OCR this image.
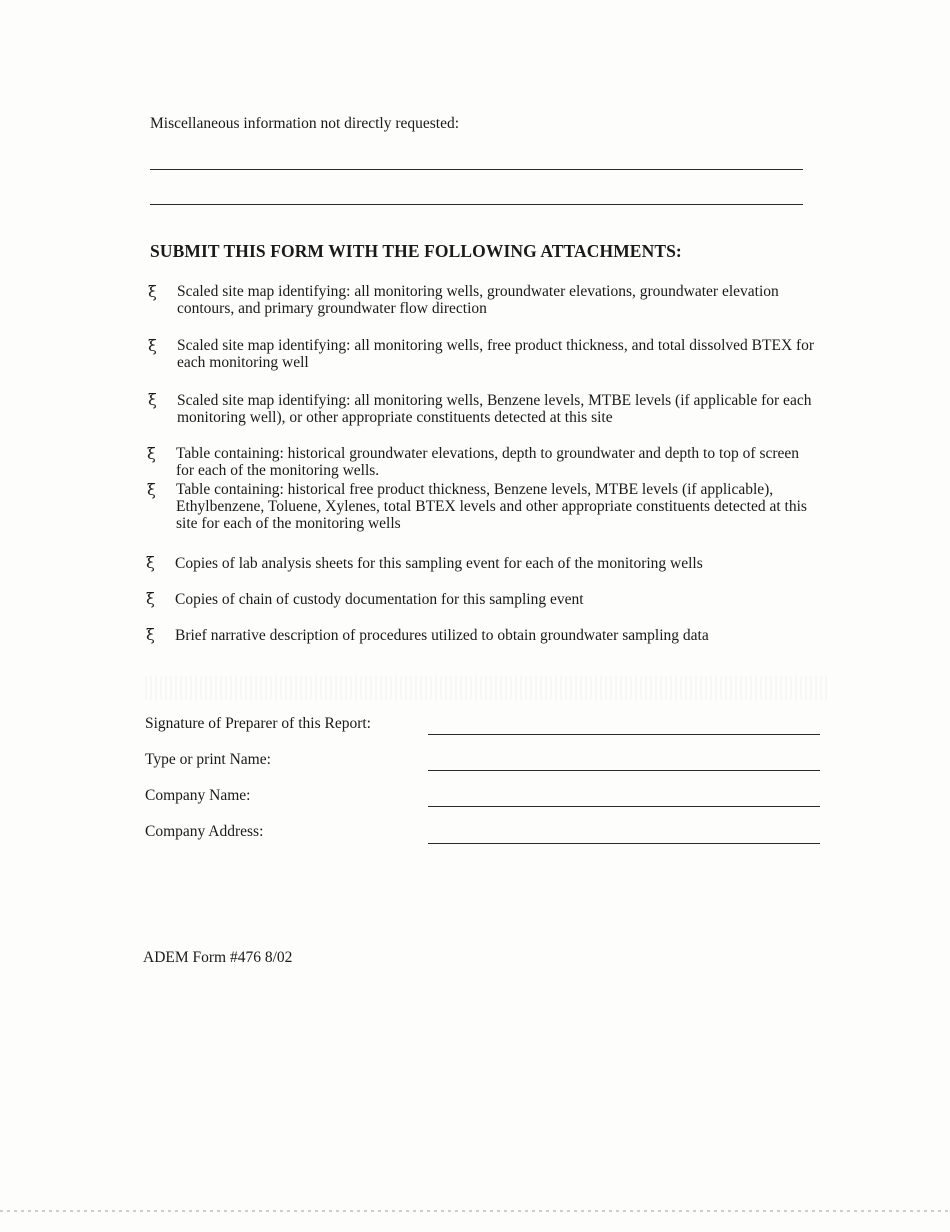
Miscellaneous information not directly requested:
SUBMIT THIS FORM WITH THE FOLLOWING ATTACHMENTS:
ξ Scaled site map identifying: all monitoring wells, groundwater elevations, groundwater elevation
contours, and primary groundwater flow direction
ξ Scaled site map identifying: all monitoring wells, free product thickness, and total dissolved BTEX for
each monitoring well
ξ Scaled site map identifying: all monitoring wells, Benzene levels, MTBE levels (if applicable for each
monitoring well), or other appropriate constituents detected at this site
ξ Table containing: historical groundwater elevations, depth to groundwater and depth to top of screen
for each of the monitoring wells.
ξ Table containing: historical free product thickness, Benzene levels, MTBE levels (if applicable),
Ethylbenzene, Toluene, Xylenes, total BTEX levels and other appropriate constituents detected at this
site for each of the monitoring wells
ξ Copies of lab analysis sheets for this sampling event for each of the monitoring wells
ξ Copies of chain of custody documentation for this sampling event
ξ Brief narrative description of procedures utilized to obtain groundwater sampling data
Signature of Preparer of this Report:
Type or print Name:
Company Name:
Company Address:
ADEM Form #476 8/02
